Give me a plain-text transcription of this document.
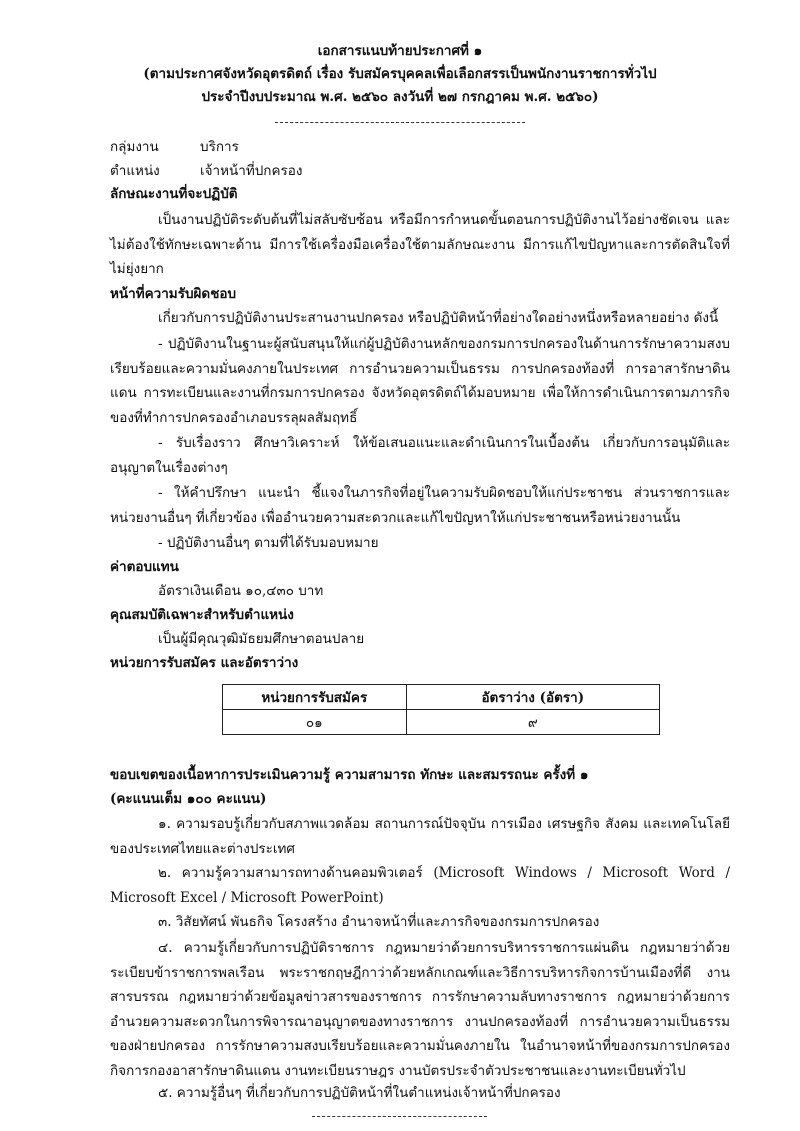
เอกสารแนบท้ายประกาศที่ ๑
(ตามประกาศจังหวัดอุตรดิตถ์ เรื่อง รับสมัครบุคคลเพื่อเลือกสรรเป็นพนักงานราชการทั่วไป
ประจำปีงบประมาณ พ.ศ. ๒๕๖๐ ลงวันที่ ๒๗ กรกฎาคม พ.ศ. ๒๕๖๐)
กลุ่มงาน	บริการ
ตำแหน่ง	เจ้าหน้าที่ปกครอง
ลักษณะงานที่จะปฏิบัติ
เป็นงานปฏิบัติระดับต้นที่ไม่สลับซับซ้อน หรือมีการกำหนดขั้นตอนการปฏิบัติงานไว้อย่างชัดเจน และไม่ต้องใช้ทักษะเฉพาะด้าน มีการใช้เครื่องมือเครื่องใช้ตามลักษณะงาน มีการแก้ไขปัญหาและการตัดสินใจที่ไม่ยุ่งยาก
หน้าที่ความรับผิดชอบ
เกี่ยวกับการปฏิบัติงานประสานงานปกครอง หรือปฏิบัติหน้าที่อย่างใดอย่างหนึ่งหรือหลายอย่าง ดังนี้
- ปฏิบัติงานในฐานะผู้สนับสนุนให้แก่ผู้ปฏิบัติงานหลักของกรมการปกครองในด้านการรักษาความสงบเรียบร้อยและความมั่นคงภายในประเทศ การอำนวยความเป็นธรรม การปกครองท้องที่ การอาสารักษาดินแดน การทะเบียนและงานที่กรมการปกครอง จังหวัดอุตรดิตถ์ได้มอบหมาย เพื่อให้การดำเนินการตามภารกิจของที่ทำการปกครองอำเภอบรรลุผลสัมฤทธิ์
- รับเรื่องราว ศึกษาวิเคราะห์ ให้ข้อเสนอแนะและดำเนินการในเบื้องต้น เกี่ยวกับการอนุมัติและอนุญาตในเรื่องต่างๆ
- ให้คำปรึกษา แนะนำ ชี้แจงในภารกิจที่อยู่ในความรับผิดชอบให้แก่ประชาชน ส่วนราชการและหน่วยงานอื่นๆ ที่เกี่ยวข้อง เพื่ออำนวยความสะดวกและแก้ไขปัญหาให้แก่ประชาชนหรือหน่วยงานนั้น
- ปฏิบัติงานอื่นๆ ตามที่ได้รับมอบหมาย
ค่าตอบแทน
อัตราเงินเดือน ๑๐,๔๓๐ บาท
คุณสมบัติเฉพาะสำหรับตำแหน่ง
เป็นผู้มีคุณวุฒิมัธยมศึกษาตอนปลาย
หน่วยการรับสมัคร และอัตราว่าง
หน่วยการรับสมัคร	อัตราว่าง (อัตรา)
๐๑	๙
ขอบเขตของเนื้อหาการประเมินความรู้ ความสามารถ ทักษะ และสมรรถนะ ครั้งที่ ๑
(คะแนนเต็ม ๑๐๐ คะแนน)
๑. ความรอบรู้เกี่ยวกับสภาพแวดล้อม สถานการณ์ปัจจุบัน การเมือง เศรษฐกิจ สังคม และเทคโนโลยีของประเทศไทยและต่างประเทศ
๒. ความรู้ความสามารถทางด้านคอมพิวเตอร์ (Microsoft Windows / Microsoft Word / Microsoft Excel / Microsoft PowerPoint)
๓. วิสัยทัศน์ พันธกิจ โครงสร้าง อำนาจหน้าที่และภารกิจของกรมการปกครอง
๔. ความรู้เกี่ยวกับการปฏิบัติราชการ กฎหมายว่าด้วยการบริหารราชการแผ่นดิน กฎหมายว่าด้วยระเบียบข้าราชการพลเรือน พระราชกฤษฎีกาว่าด้วยหลักเกณฑ์และวิธีการบริหารกิจการบ้านเมืองที่ดี งานสารบรรณ กฎหมายว่าด้วยข้อมูลข่าวสารของราชการ การรักษาความลับทางราชการ กฎหมายว่าด้วยการอำนวยความสะดวกในการพิจารณาอนุญาตของทางราชการ งานปกครองท้องที่ การอำนวยความเป็นธรรมของฝ่ายปกครอง การรักษาความสงบเรียบร้อยและความมั่นคงภายใน ในอำนาจหน้าที่ของกรมการปกครองกิจการกองอาสารักษาดินแดน งานทะเบียนราษฎร งานบัตรประจำตัวประชาชนและงานทะเบียนทั่วไป
๕. ความรู้อื่นๆ ที่เกี่ยวกับการปฏิบัติหน้าที่ในตำแหน่งเจ้าหน้าที่ปกครอง
